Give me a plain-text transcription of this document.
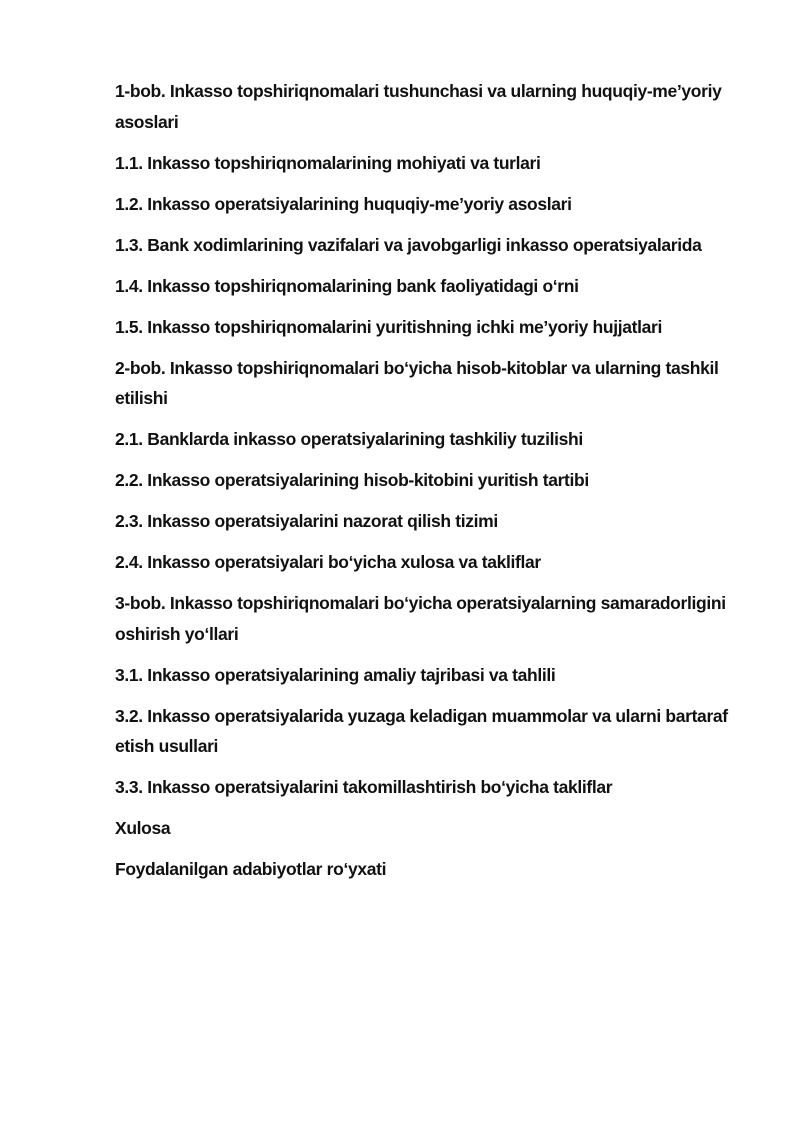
1-bob. Inkasso topshiriqnomalari tushunchasi va ularning huquqiy-me’yoriy asoslari
1.1. Inkasso topshiriqnomalarining mohiyati va turlari
1.2. Inkasso operatsiyalarining huquqiy-me’yoriy asoslari
1.3. Bank xodimlarining vazifalari va javobgarligi inkasso operatsiyalarida
1.4. Inkasso topshiriqnomalarining bank faoliyatidagi o‘rni
1.5. Inkasso topshiriqnomalarini yuritishning ichki me’yoriy hujjatlari
2-bob. Inkasso topshiriqnomalari bo‘yicha hisob-kitoblar va ularning tashkil etilishi
2.1. Banklarda inkasso operatsiyalarining tashkiliy tuzilishi
2.2. Inkasso operatsiyalarining hisob-kitobini yuritish tartibi
2.3. Inkasso operatsiyalarini nazorat qilish tizimi
2.4. Inkasso operatsiyalari bo‘yicha xulosa va takliflar
3-bob. Inkasso topshiriqnomalari bo‘yicha operatsiyalarning samaradorligini oshirish yo‘llari
3.1. Inkasso operatsiyalarining amaliy tajribasi va tahlili
3.2. Inkasso operatsiyalarida yuzaga keladigan muammolar va ularni bartaraf etish usullari
3.3. Inkasso operatsiyalarini takomillashtirish bo‘yicha takliflar
Xulosa
Foydalanilgan adabiyotlar ro‘yxati
